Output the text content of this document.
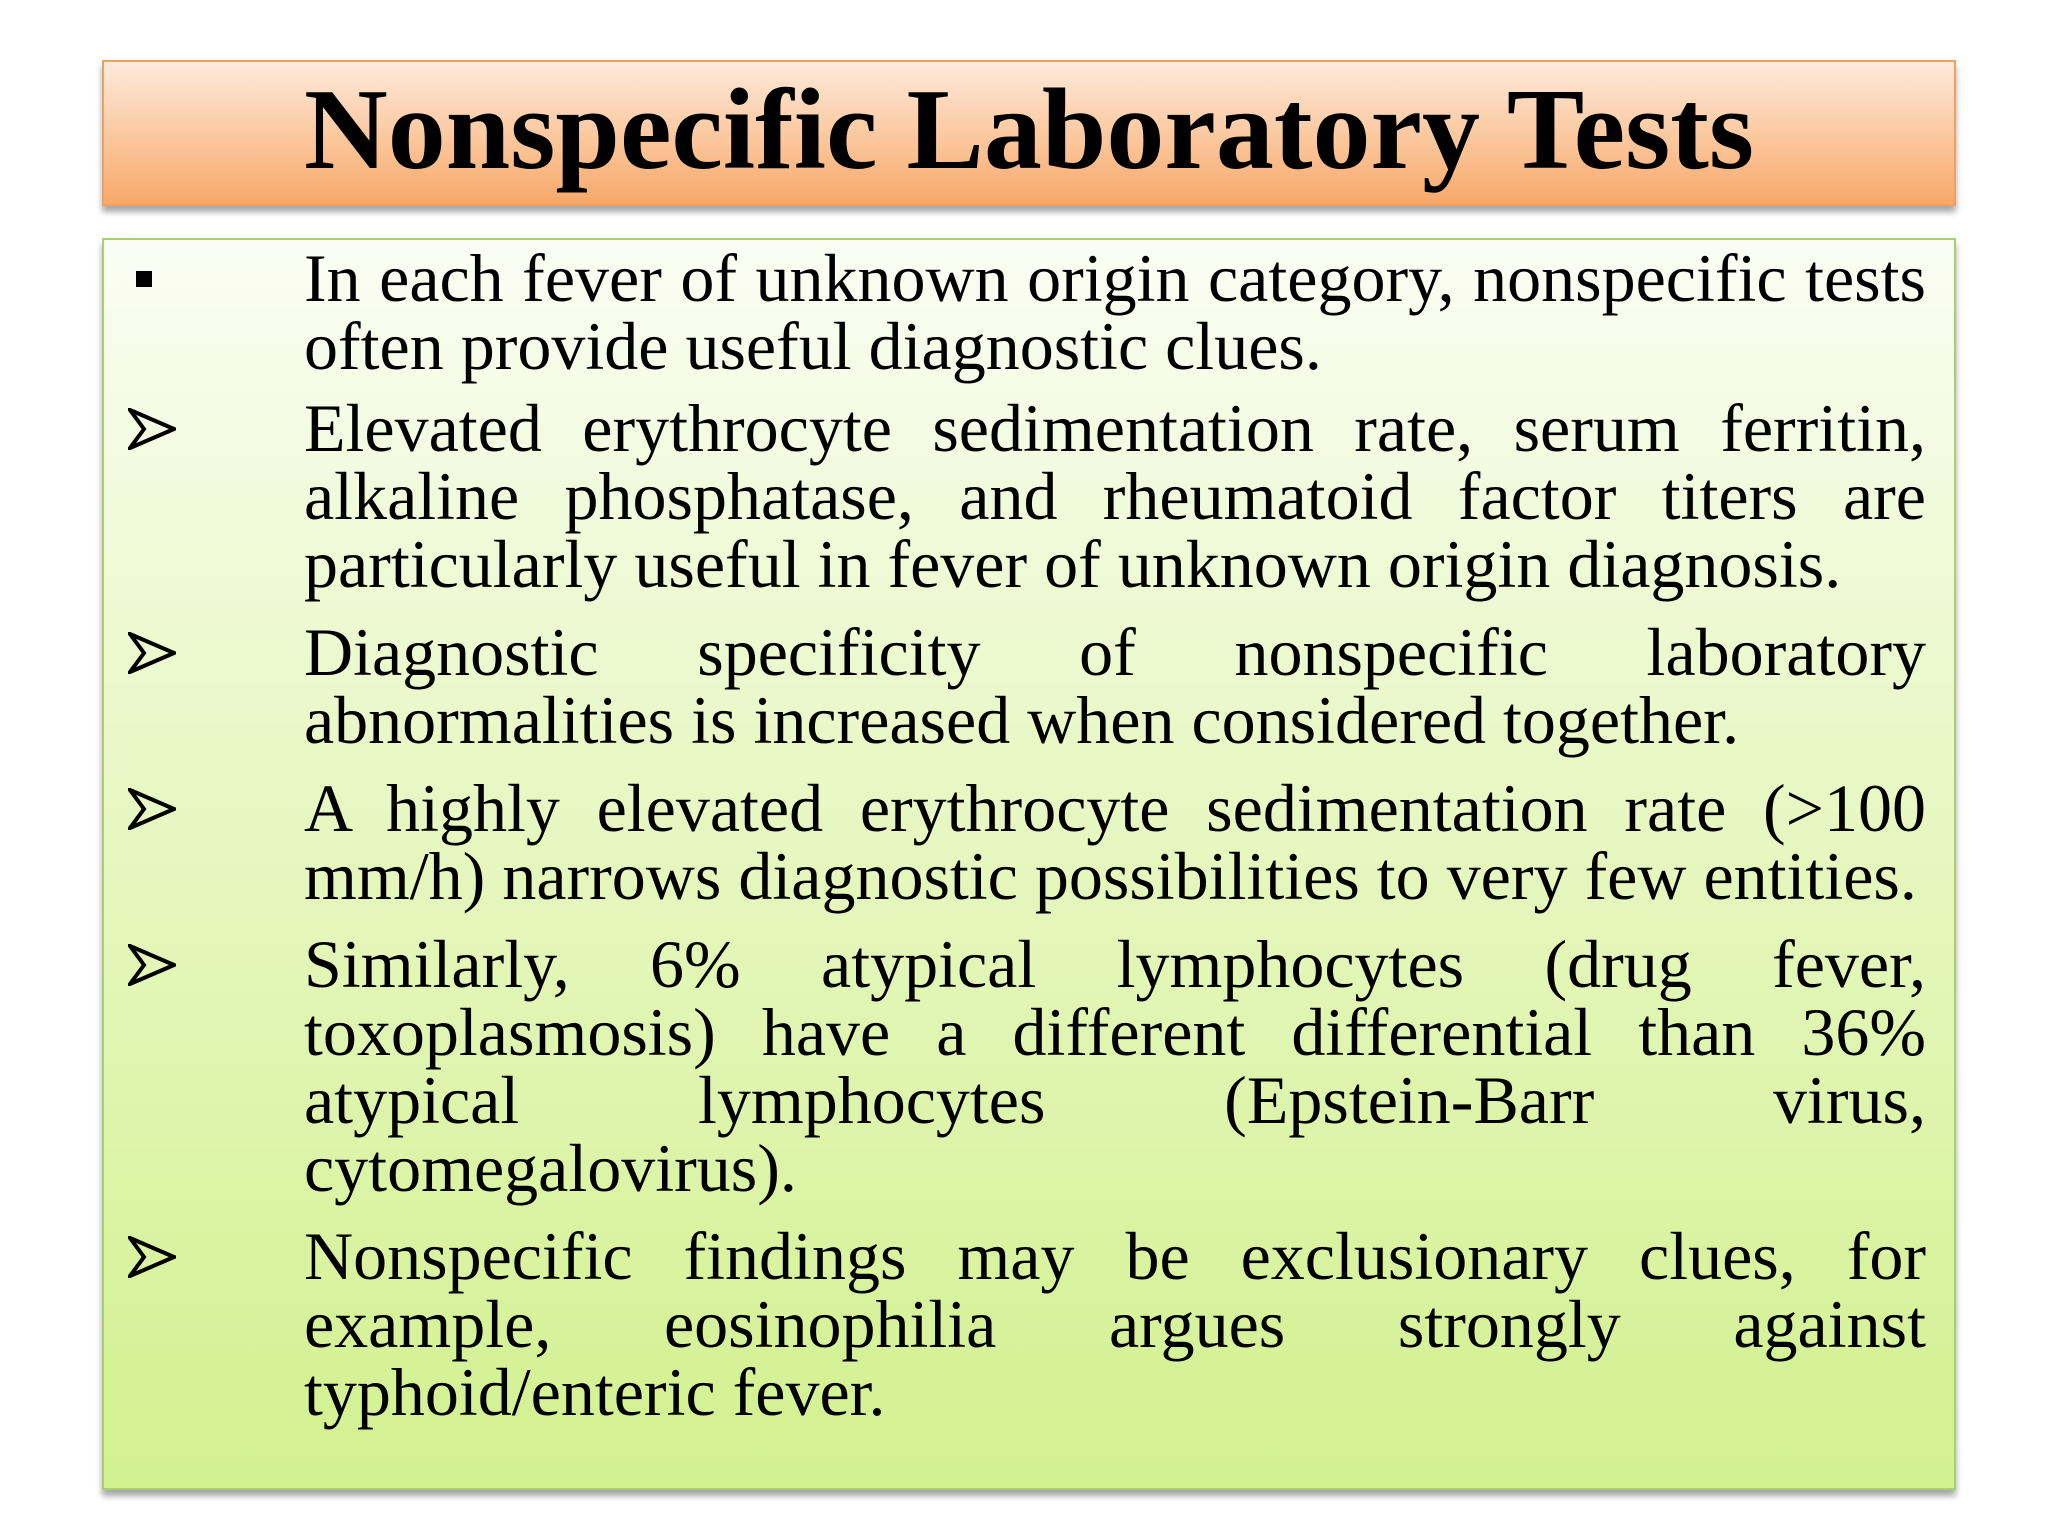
Nonspecific Laboratory Tests
In each fever of unknown origin category, nonspecific tests often provide useful diagnostic clues.
Elevated erythrocyte sedimentation rate, serum ferritin, alkaline phosphatase, and rheumatoid factor titers are particularly useful in fever of unknown origin diagnosis.
Diagnostic specificity of nonspecific laboratory abnormalities is increased when considered together.
A highly elevated erythrocyte sedimentation rate (>100 mm/h) narrows diagnostic possibilities to very few entities.
Similarly, 6% atypical lymphocytes (drug fever, toxoplasmosis) have a different differential than 36% atypical lymphocytes (Epstein-Barr virus, cytomegalovirus).
Nonspecific findings may be exclusionary clues, for example, eosinophilia argues strongly against typhoid/enteric fever.
